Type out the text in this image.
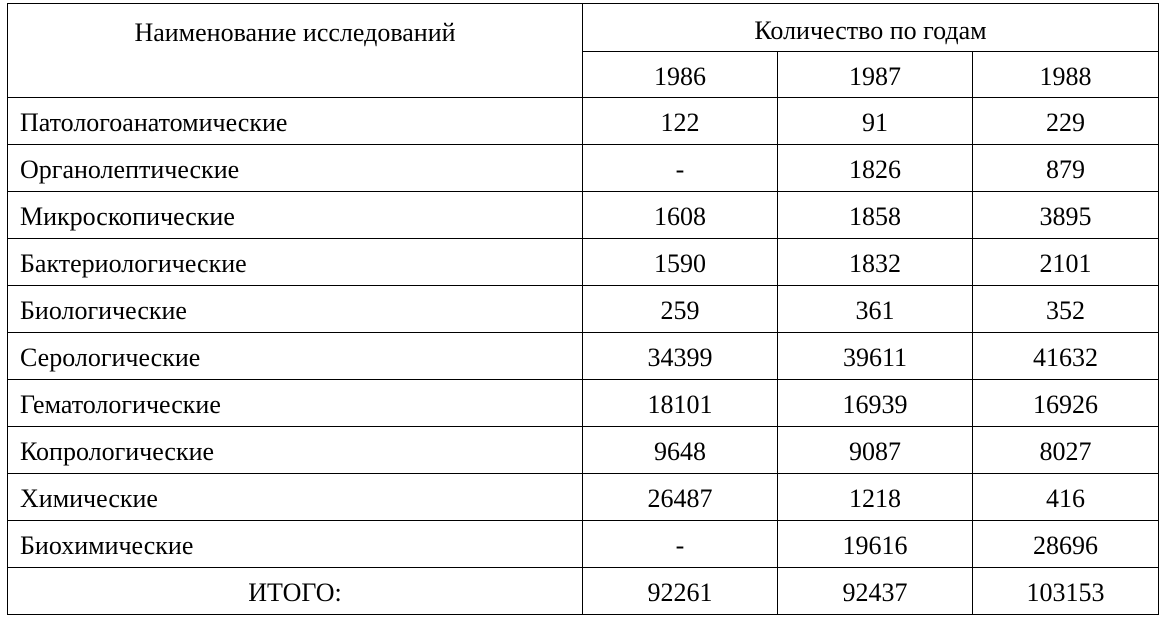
Наименование исследований	Количество по годам		
	1986	1987	1988
Патологоанатомические	122	91	229
Органолептические	-	1826	879
Микроскопические	1608	1858	3895
Бактериологические	1590	1832	2101
Биологические	259	361	352
Серологические	34399	39611	41632
Гематологические	18101	16939	16926
Копрологические	9648	9087	8027
Химические	26487	1218	416
Биохимические	-	19616	28696
ИТОГО:	92261	92437	103153
